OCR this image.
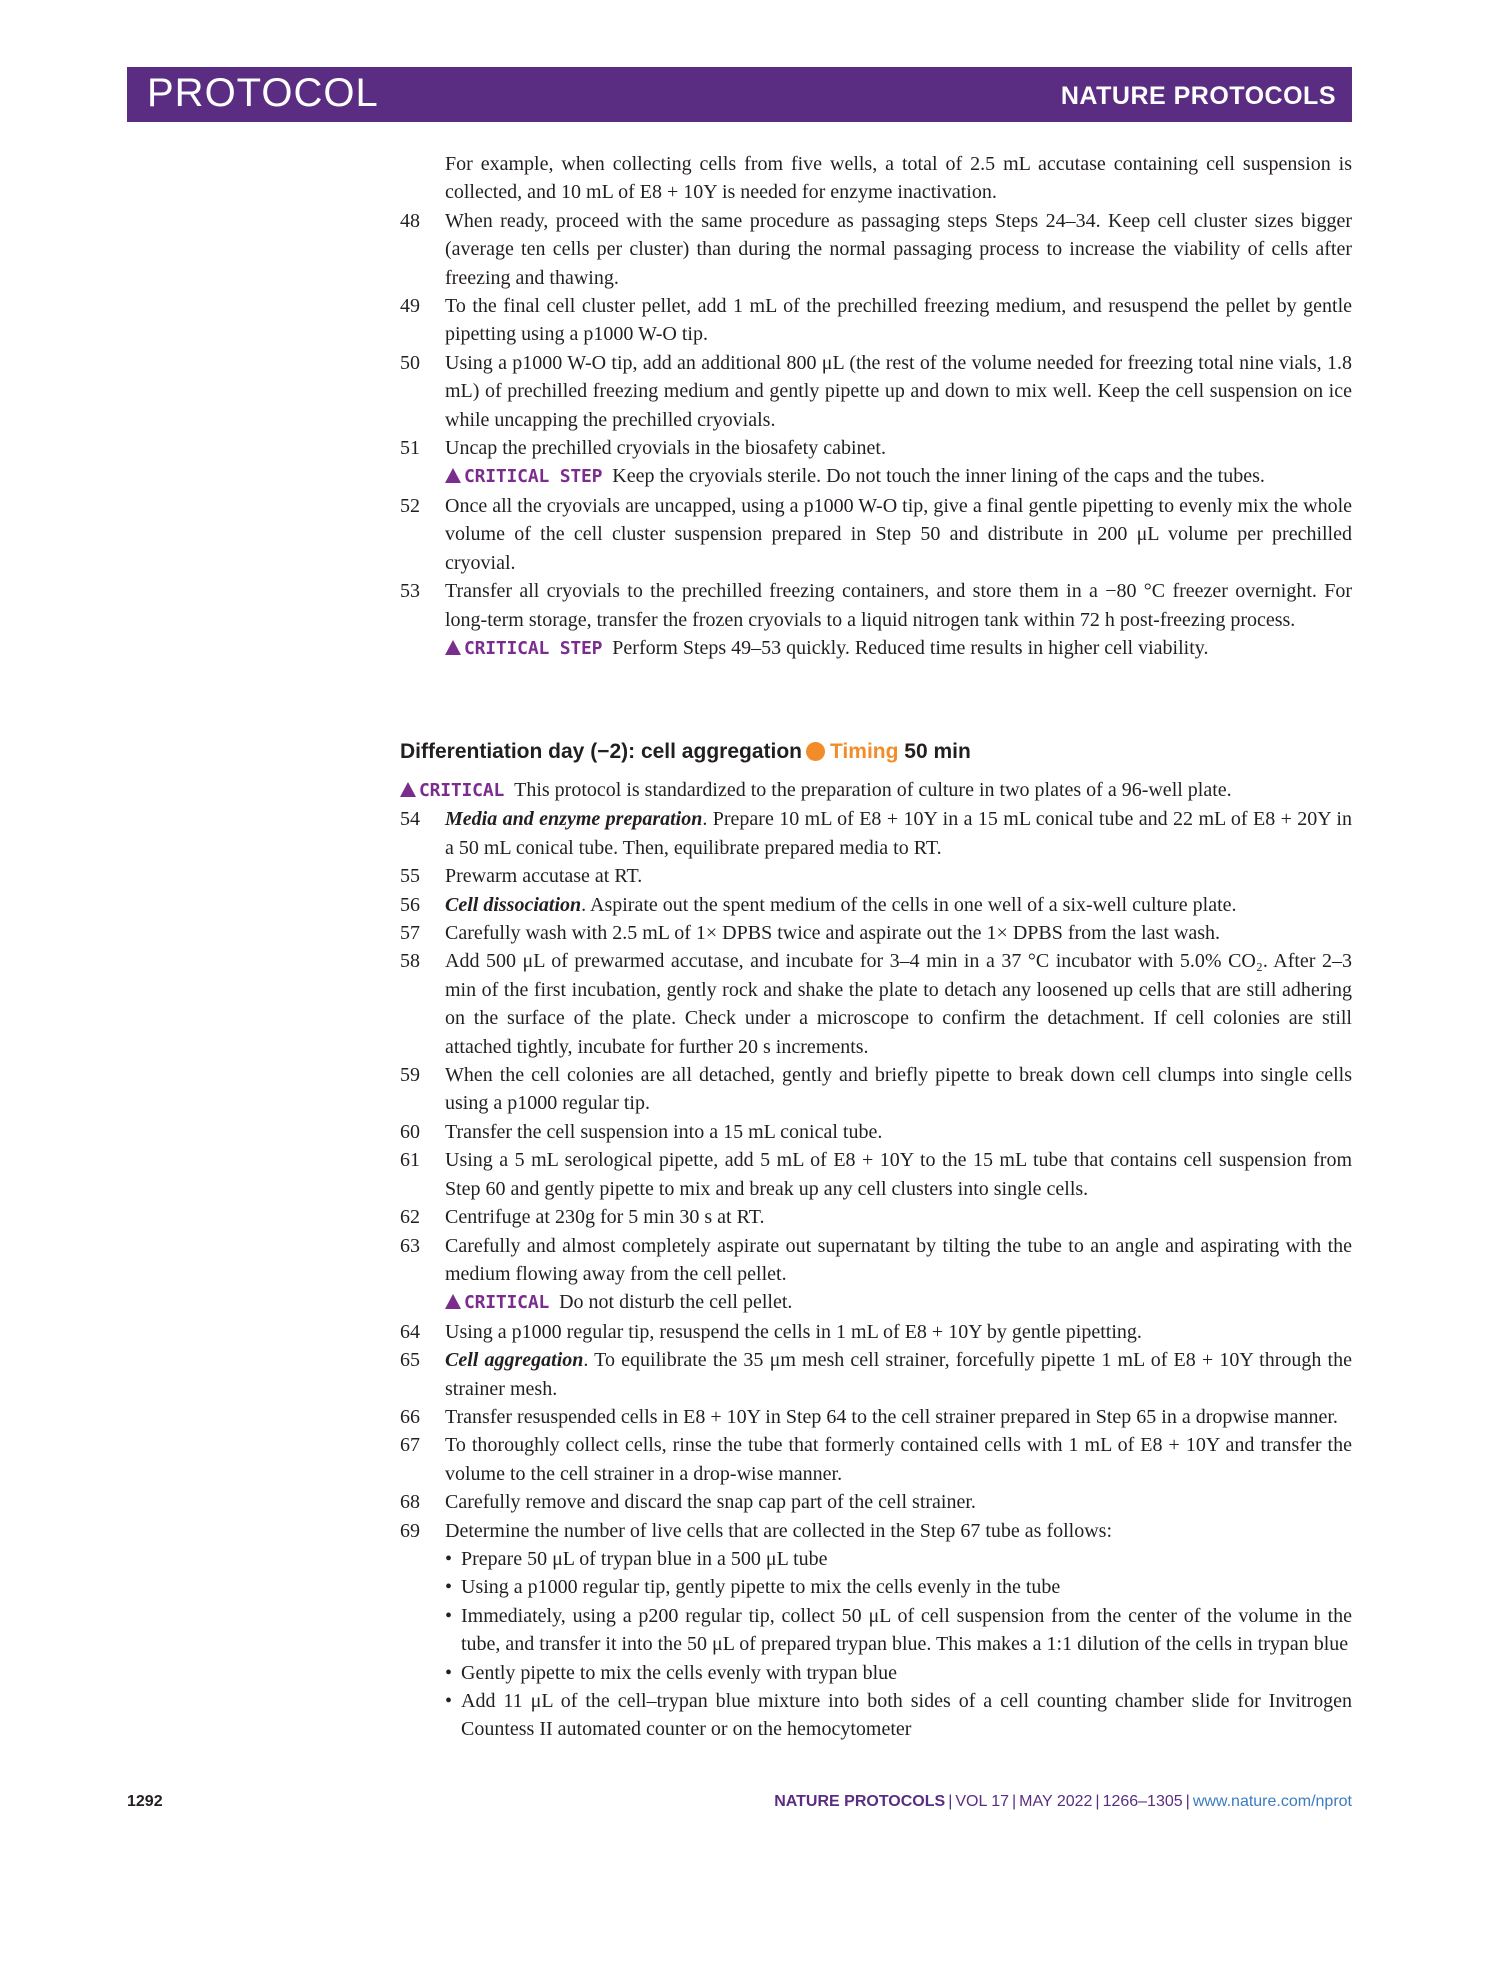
PROTOCOL	NATURE PROTOCOLS

For example, when collecting cells from five wells, a total of 2.5 mL accutase containing cell suspension is collected, and 10 mL of E8 + 10Y is needed for enzyme inactivation.

48 When ready, proceed with the same procedure as passaging steps Steps 24–34. Keep cell cluster sizes bigger (average ten cells per cluster) than during the normal passaging process to increase the viability of cells after freezing and thawing.

49 To the final cell cluster pellet, add 1 mL of the prechilled freezing medium, and resuspend the pellet by gentle pipetting using a p1000 W-O tip.

50 Using a p1000 W-O tip, add an additional 800 μL (the rest of the volume needed for freezing total nine vials, 1.8 mL) of prechilled freezing medium and gently pipette up and down to mix well. Keep the cell suspension on ice while uncapping the prechilled cryovials.

51 Uncap the prechilled cryovials in the biosafety cabinet.

CRITICAL STEP Keep the cryovials sterile. Do not touch the inner lining of the caps and the tubes.

52 Once all the cryovials are uncapped, using a p1000 W-O tip, give a final gentle pipetting to evenly mix the whole volume of the cell cluster suspension prepared in Step 50 and distribute in 200 μL volume per prechilled cryovial.

53 Transfer all cryovials to the prechilled freezing containers, and store them in a −80 °C freezer overnight. For long-term storage, transfer the frozen cryovials to a liquid nitrogen tank within 72 h post-freezing process.

CRITICAL STEP Perform Steps 49–53 quickly. Reduced time results in higher cell viability.

Differentiation day (−2): cell aggregation Timing 50 min

CRITICAL This protocol is standardized to the preparation of culture in two plates of a 96-well plate.

54 Media and enzyme preparation. Prepare 10 mL of E8 + 10Y in a 15 mL conical tube and 22 mL of E8 + 20Y in a 50 mL conical tube. Then, equilibrate prepared media to RT.

55 Prewarm accutase at RT.

56 Cell dissociation. Aspirate out the spent medium of the cells in one well of a six-well culture plate.

57 Carefully wash with 2.5 mL of 1× DPBS twice and aspirate out the 1× DPBS from the last wash.

58 Add 500 μL of prewarmed accutase, and incubate for 3–4 min in a 37 °C incubator with 5.0% CO₂. After 2–3 min of the first incubation, gently rock and shake the plate to detach any loosened up cells that are still adhering on the surface of the plate. Check under a microscope to confirm the detachment. If cell colonies are still attached tightly, incubate for further 20 s increments.

59 When the cell colonies are all detached, gently and briefly pipette to break down cell clumps into single cells using a p1000 regular tip.

60 Transfer the cell suspension into a 15 mL conical tube.

61 Using a 5 mL serological pipette, add 5 mL of E8 + 10Y to the 15 mL tube that contains cell suspension from Step 60 and gently pipette to mix and break up any cell clusters into single cells.

62 Centrifuge at 230g for 5 min 30 s at RT.

63 Carefully and almost completely aspirate out supernatant by tilting the tube to an angle and aspirating with the medium flowing away from the cell pellet.

CRITICAL Do not disturb the cell pellet.

64 Using a p1000 regular tip, resuspend the cells in 1 mL of E8 + 10Y by gentle pipetting.

65 Cell aggregation. To equilibrate the 35 μm mesh cell strainer, forcefully pipette 1 mL of E8 + 10Y through the strainer mesh.

66 Transfer resuspended cells in E8 + 10Y in Step 64 to the cell strainer prepared in Step 65 in a dropwise manner.

67 To thoroughly collect cells, rinse the tube that formerly contained cells with 1 mL of E8 + 10Y and transfer the volume to the cell strainer in a drop-wise manner.

68 Carefully remove and discard the snap cap part of the cell strainer.

69 Determine the number of live cells that are collected in the Step 67 tube as follows:

• Prepare 50 μL of trypan blue in a 500 μL tube

• Using a p1000 regular tip, gently pipette to mix the cells evenly in the tube

• Immediately, using a p200 regular tip, collect 50 μL of cell suspension from the center of the volume in the tube, and transfer it into the 50 μL of prepared trypan blue. This makes a 1:1 dilution of the cells in trypan blue

• Gently pipette to mix the cells evenly with trypan blue

• Add 11 μL of the cell–trypan blue mixture into both sides of a cell counting chamber slide for Invitrogen Countess II automated counter or on the hemocytometer

1292	NATURE PROTOCOLS | VOL 17 | MAY 2022 | 1266–1305 | www.nature.com/nprot
